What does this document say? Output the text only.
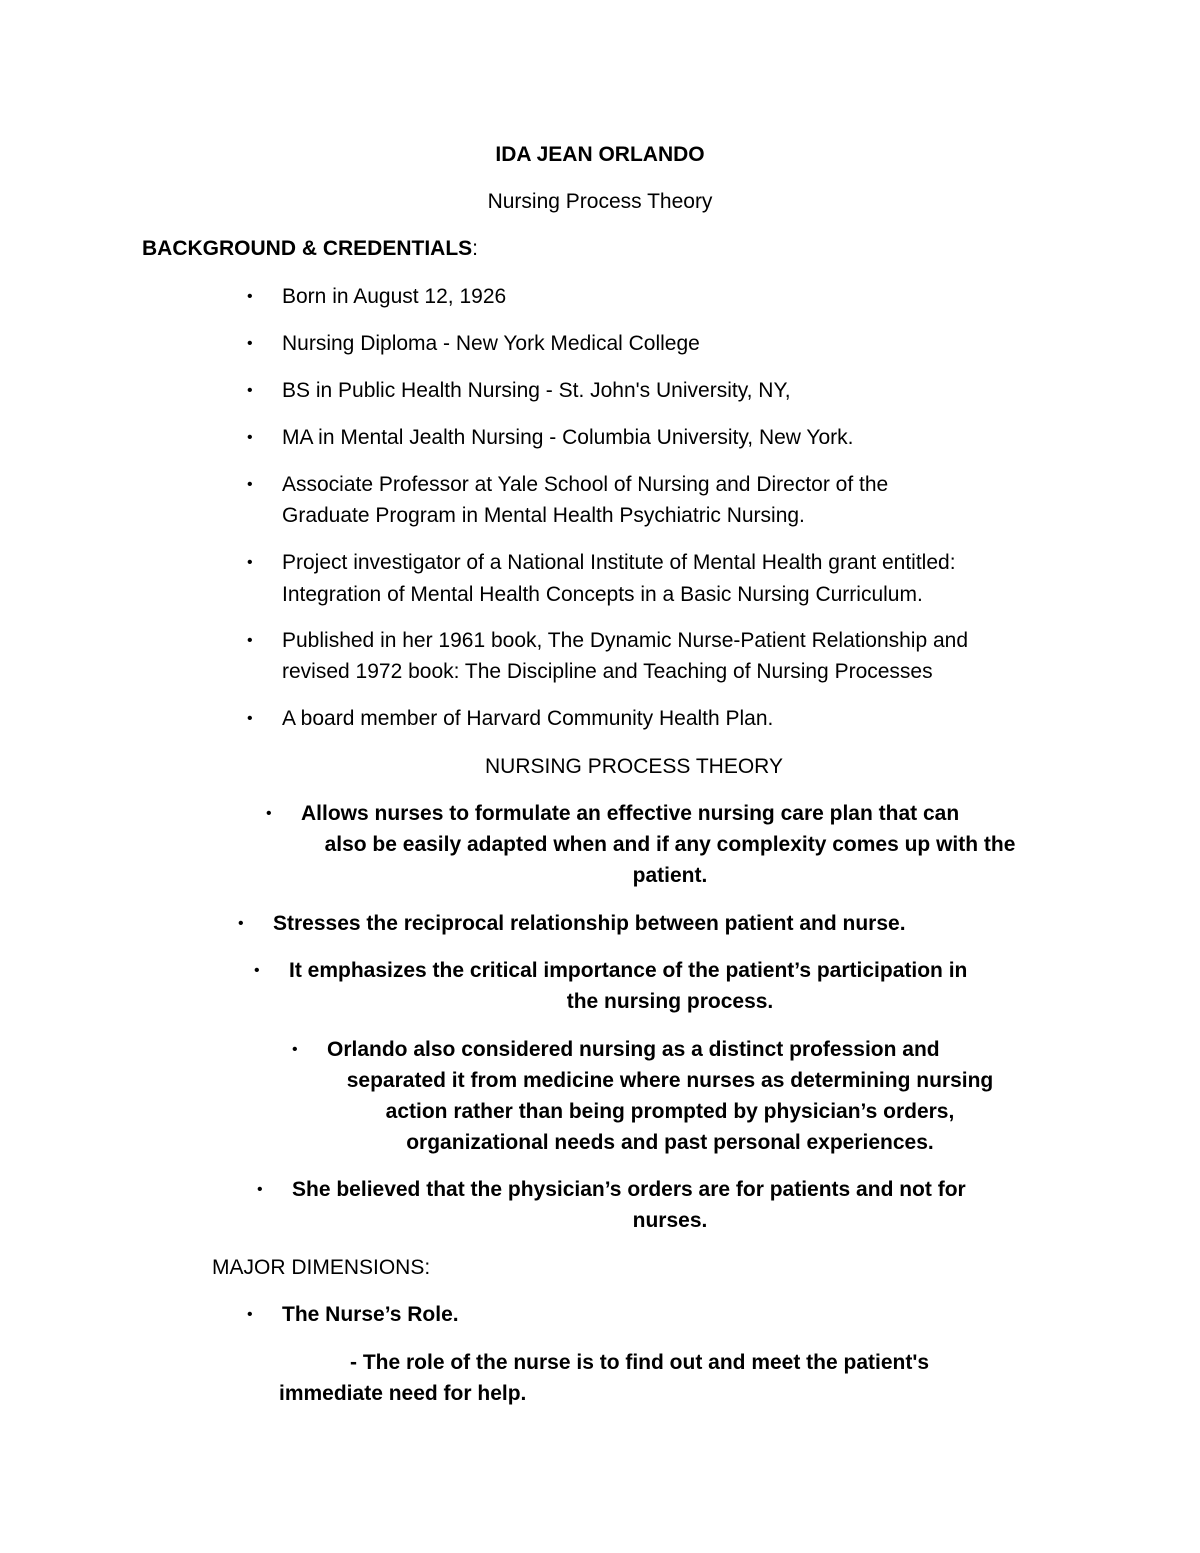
IDA JEAN ORLANDO
Nursing Process Theory
BACKGROUND & CREDENTIALS:
• Born in August 12, 1926
• Nursing Diploma - New York Medical College
• BS in Public Health Nursing - St. John's University, NY,
• MA in Mental Jealth Nursing - Columbia University, New York.
• Associate Professor at Yale School of Nursing and Director of the
Graduate Program in Mental Health Psychiatric Nursing.
• Project investigator of a National Institute of Mental Health grant entitled:
Integration of Mental Health Concepts in a Basic Nursing Curriculum.
• Published in her 1961 book, The Dynamic Nurse-Patient Relationship and
revised 1972 book: The Discipline and Teaching of Nursing Processes
• A board member of Harvard Community Health Plan.
NURSING PROCESS THEORY
• Allows nurses to formulate an effective nursing care plan that can
also be easily adapted when and if any complexity comes up with the
patient.
• Stresses the reciprocal relationship between patient and nurse.
• It emphasizes the critical importance of the patient’s participation in
the nursing process.
• Orlando also considered nursing as a distinct profession and
separated it from medicine where nurses as determining nursing
action rather than being prompted by physician’s orders,
organizational needs and past personal experiences.
• She believed that the physician’s orders are for patients and not for
nurses.
MAJOR DIMENSIONS:
• The Nurse’s Role.
- The role of the nurse is to find out and meet the patient's
immediate need for help.
